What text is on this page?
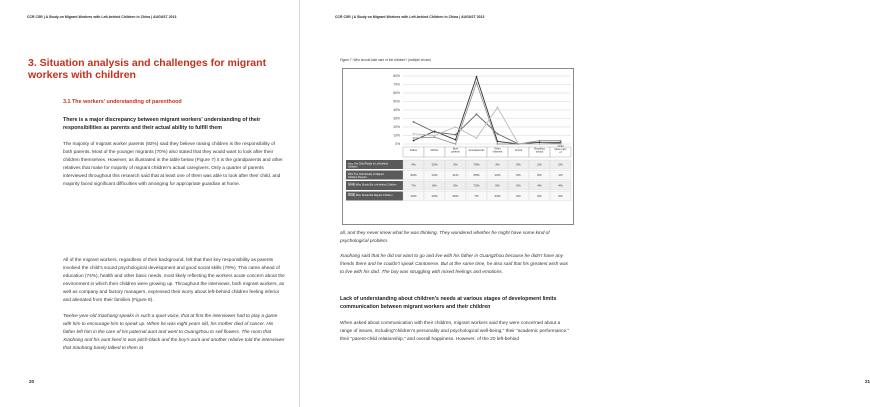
CCR CSR | A Study on Migrant Workers with Left-behind Children in China | AUGUST 2013
20
CCR CSR | A Study on Migrant Workers with Left-behind Children in China | AUGUST 2013
21
3. Situation analysis and challenges for migrant workers with children
3.1 The workers' understanding of parenthood
There is a major discrepancy between migrant workers' understanding of their responsibilities as parents and their actual ability to fulfill them
The majority of migrant worker parents (92%) said they believe raising children is the responsibility of both parents. Most of the younger migrants (70%) also stated that they would want to look after their children themselves. However, as illustrated in the table below (Figure 7) it is the grandparents and other relatives that make for majority of migrant children's actual caregivers. Only a quarter of parents interviewed throughout this research said that at least one of them was able to look after their child, and majority faced significant difficulties with arranging for appropriate guardian at home.
All of the migrant workers, regardless of their background, felt that their key responsibility as parents involved the child's sound psychological development and good social skills (79%). This came ahead of education (74%), health and other basic needs, most likely reflecting the workers acute concern about the environment in which their children were growing up. Throughout the interviews, both migrant workers, as well as company and factory managers, expressed their worry about left-behind children feeling inferior and alienated from their families (Figure 8).
Twelve-year-old Xiaohang speaks in such a quiet voice, that at first the interviewer had to play a game with him to encourage him to speak up. When he was eight years old, his mother died of cancer. His father left him in the care of his paternal aunt and went to Guangzhou to sell flowers. The room that Xiaohang and his aunt lived in was pitch-black and the boy's aunt and another relative told the interviewer that Xiaohang barely talked to them at
Figure 7: Who should take care of the children? (multiple choice)
0%
10%
20%
30%
40%
50%
60%
70%
80%
Father	Mother	Both
parents
Grandparents	Other
relatives
Friend	Boarding
school
Child
takes care
of
Who The Child Really Is Left-behind
Children
4%	15%	5%	79%	3%	0%	2%	2%
Who The Child Really Is Migrant
Children Parents
26%	14%	11%	35%	12%	0%	0%	1%
Ideally Who Should Be Left-behind Children	7%	8%	0%	72%	0%	0%	4%	4%
Ideally Who Should Be Migrant Children	12%	10%	20%	7%	43%	0%	0%	0%
all, and they never knew what he was thinking. They wondered whether he might have some kind of psychological problem.
Xiaohang said that he did not want to go and live with his father in Guangzhou because he didn't have any friends there and he couldn't speak Cantonese. But at the same time, he also said that his greatest wish was to live with his dad. The boy was struggling with mixed feelings and emotions.
Lack of understanding about children's needs at various stages of development limits communication between migrant workers and their children
When asked about communication with their children, migrant workers said they were concerned about a range of issues, including"children's personality and psychological well-being," their "academic performance," their "parent-child relationship," and overall happiness. However, of the 20 left-behind
